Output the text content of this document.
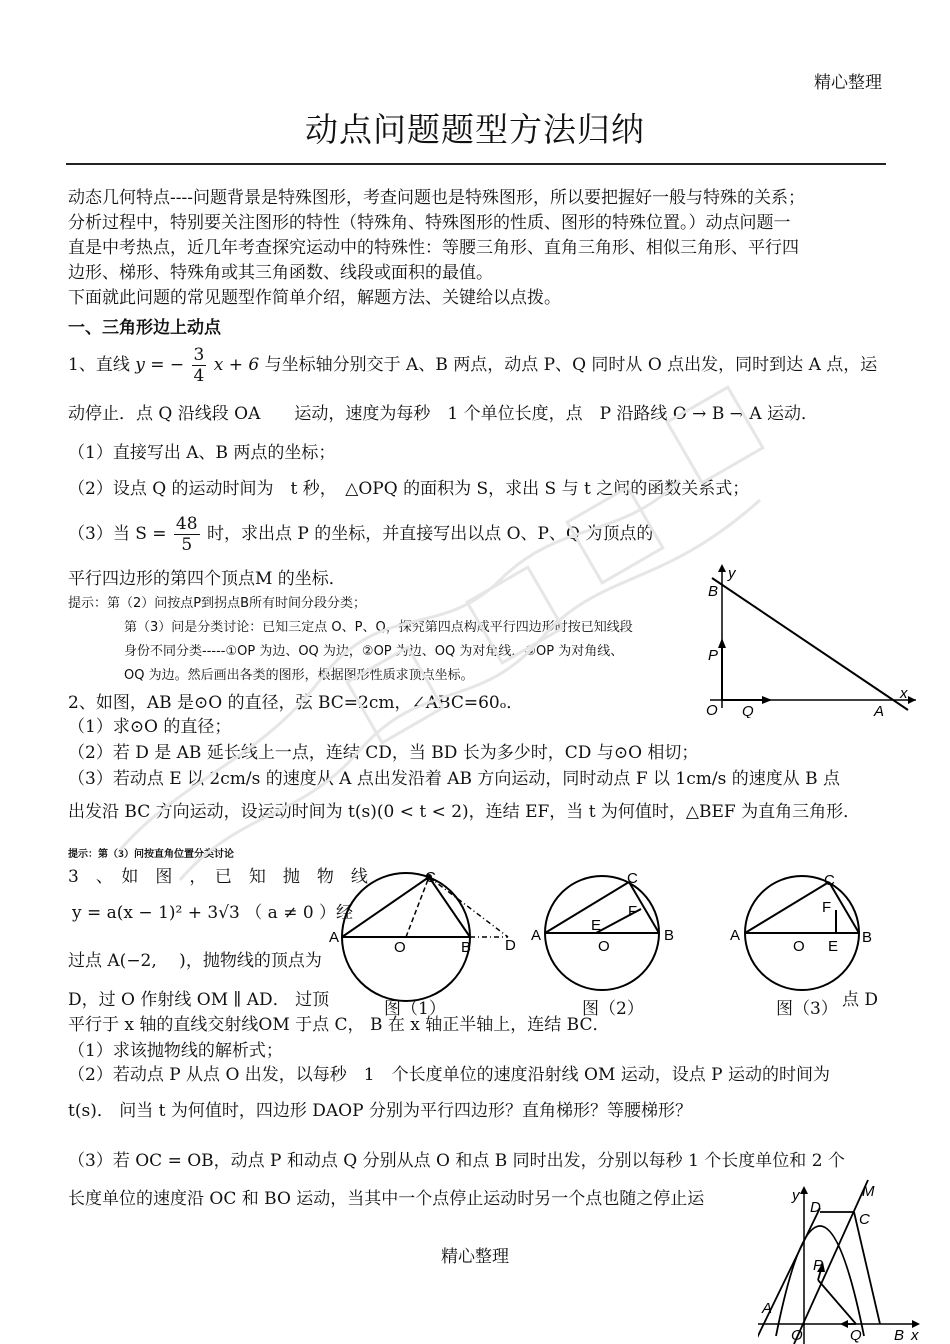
精心整理
动点问题题型方法归纳
动态几何特点----问题背景是特殊图形，考查问题也是特殊图形，所以要把握好一般与特殊的关系；
分析过程中，特别要关注图形的特性（特殊角、特殊图形的性质、图形的特殊位置。）动点问题一
直是中考热点，近几年考查探究运动中的特殊性：等腰三角形、直角三角形、相似三角形、平行四
边形、梯形、特殊角或其三角函数、线段或面积的最值。
下面就此问题的常见题型作简单介绍，解题方法、关键给以点拨。
一、三角形边上动点
1、直线 y = − $\frac{3}{4}$ x + 6 与坐标轴分别交于 A、B 两点，动点 P、Q 同时从 O 点出发，同时到达 A 点，运
动停止．点 Q 沿线段 OA　　运动，速度为每秒　1 个单位长度，点　P 沿路线 O → B → A 运动．
（1）直接写出 A、B 两点的坐标；
（2）设点 Q 的运动时间为　t 秒，　△OPQ 的面积为 S，求出 S 与 t 之间的函数关系式；
（3）当 $S = \frac{48}{5}$ 时，求出点 P 的坐标，并直接写出以点 O、P、Q 为顶点的
平行四边形的第四个顶点M 的坐标．
提示：第（2）问按点P到拐点B所有时间分段分类；
第（3）问是分类讨论：已知三定点 O、P、Q，探究第四点构成平行四边形时按已知线段
身份不同分类-----①OP 为边、OQ 为边，②OP 为边、OQ 为对角线，③OP 为对角线、
OQ 为边。然后画出各类的图形，根据图形性质求顶点坐标。
y
x
B
P
O Q	A
2、如图，AB 是⊙O 的直径，弦 BC=2cm，∠ABC=60ₒ．
（1）求⊙O 的直径；
（2）若 D 是 AB 延长线上一点，连结 CD，当 BD 长为多少时，CD 与⊙O 相切；
（3）若动点 E 以 2cm/s 的速度从 A 点出发沿着 AB 方向运动，同时动点 F 以 1cm/s 的速度从 B 点
出发沿 BC 方向运动，设运动时间为 t(s)(0 < t < 2)，连结 EF，当 t 为何值时，△BEF 为直角三角形．
提示：第（3）问按直角位置分类讨论
3　、　如　图　，　已　知　抛　物　线
y = a(x − 1)² + 3√3 （ a ≠ 0 ）经
过点 A(−2,　 )，抛物线的顶点为
D，过 O 作射线 OM ∥ AD． 过顶
A
C
O	B D
图（1）
A
C
F
E
O
B
图（2）
A
C
F
O E
B
图（3） 点 D
平行于 x 轴的直线交射线OM 于点 C， B 在 x 轴正半轴上，连结 BC．
（1）求该抛物线的解析式；
（2）若动点 P 从点 O 出发，以每秒　1　个长度单位的速度沿射线 OM 运动，设点 P 运动的时间为
t(s)． 问当 t 为何值时，四边形 DAOP 分别为平行四边形？直角梯形？等腰梯形？
（3）若 OC = OB，动点 P 和动点 Q 分别从点 O 和点 B 同时出发，分别以每秒 1 个长度单位和 2 个
长度单位的速度沿 OC 和 BO 运动，当其中一个点停止运动时另一个点也随之停止运	y	M
D
C
P
A
O	Q B x
精心整理
